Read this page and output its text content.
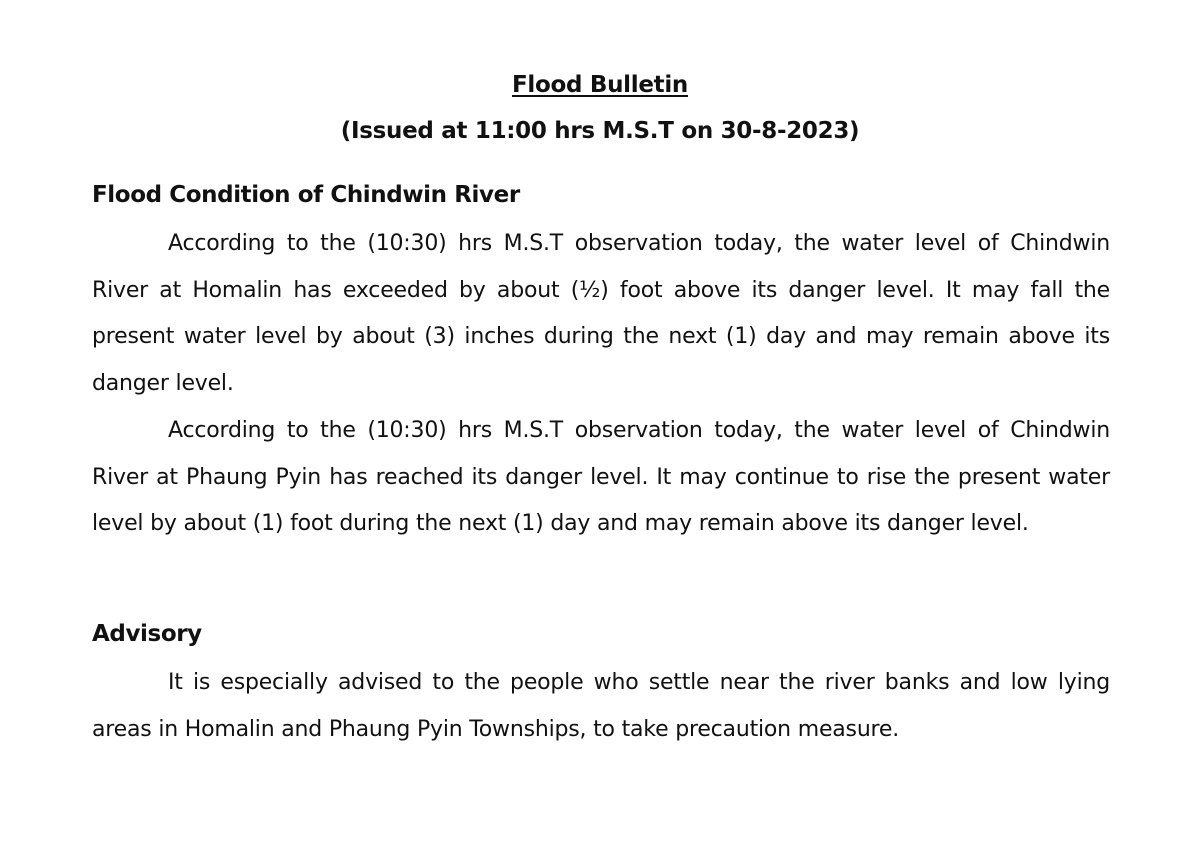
Flood Bulletin
(Issued at 11:00 hrs M.S.T on 30-8-2023)
Flood Condition of Chindwin River

According to the (10:30) hrs M.S.T observation today, the water level of Chindwin River at Homalin has exceeded by about (½) foot above its danger level. It may fall the present water level by about (3) inches during the next (1) day and may remain above its danger level.

According to the (10:30) hrs M.S.T observation today, the water level of Chindwin River at Phaung Pyin has reached its danger level. It may continue to rise the present water level by about (1) foot during the next (1) day and may remain above its danger level.

Advisory

It is especially advised to the people who settle near the river banks and low lying areas in Homalin and Phaung Pyin Townships, to take precaution measure.
